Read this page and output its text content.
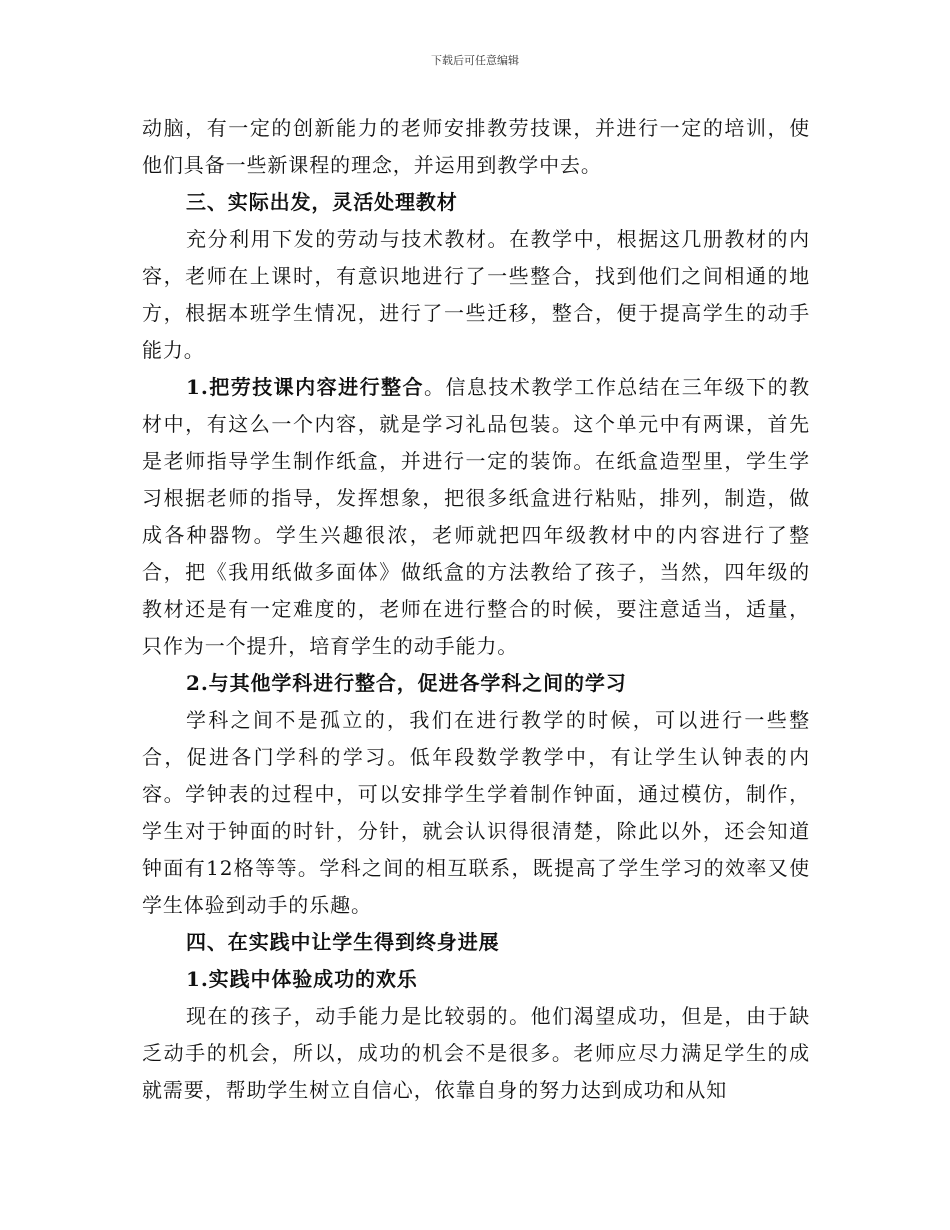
下载后可任意编辑

动脑，有一定的创新能力的老师安排教劳技课，并进行一定的培训，使他们具备一些新课程的理念，并运用到教学中去。

三、实际出发，灵活处理教材

充分利用下发的劳动与技术教材。在教学中，根据这几册教材的内容，老师在上课时，有意识地进行了一些整合，找到他们之间相通的地方，根据本班学生情况，进行了一些迁移，整合，便于提高学生的动手能力。

1.把劳技课内容进行整合。信息技术教学工作总结在三年级下的教材中，有这么一个内容，就是学习礼品包装。这个单元中有两课，首先是老师指导学生制作纸盒，并进行一定的装饰。在纸盒造型里，学生学习根据老师的指导，发挥想象，把很多纸盒进行粘贴，排列，制造，做成各种器物。学生兴趣很浓，老师就把四年级教材中的内容进行了整合，把《我用纸做多面体》做纸盒的方法教给了孩子，当然，四年级的教材还是有一定难度的，老师在进行整合的时候，要注意适当，适量，只作为一个提升，培育学生的动手能力。

2.与其他学科进行整合，促进各学科之间的学习

学科之间不是孤立的，我们在进行教学的时候，可以进行一些整合，促进各门学科的学习。低年段数学教学中，有让学生认钟表的内容。学钟表的过程中，可以安排学生学着制作钟面，通过模仿，制作，学生对于钟面的时针，分针，就会认识得很清楚，除此以外，还会知道钟面有12格等等。学科之间的相互联系，既提高了学生学习的效率又使学生体验到动手的乐趣。

四、在实践中让学生得到终身进展

1.实践中体验成功的欢乐

现在的孩子，动手能力是比较弱的。他们渴望成功，但是，由于缺乏动手的机会，所以，成功的机会不是很多。老师应尽力满足学生的成就需要，帮助学生树立自信心，依靠自身的努力达到成功和从知
